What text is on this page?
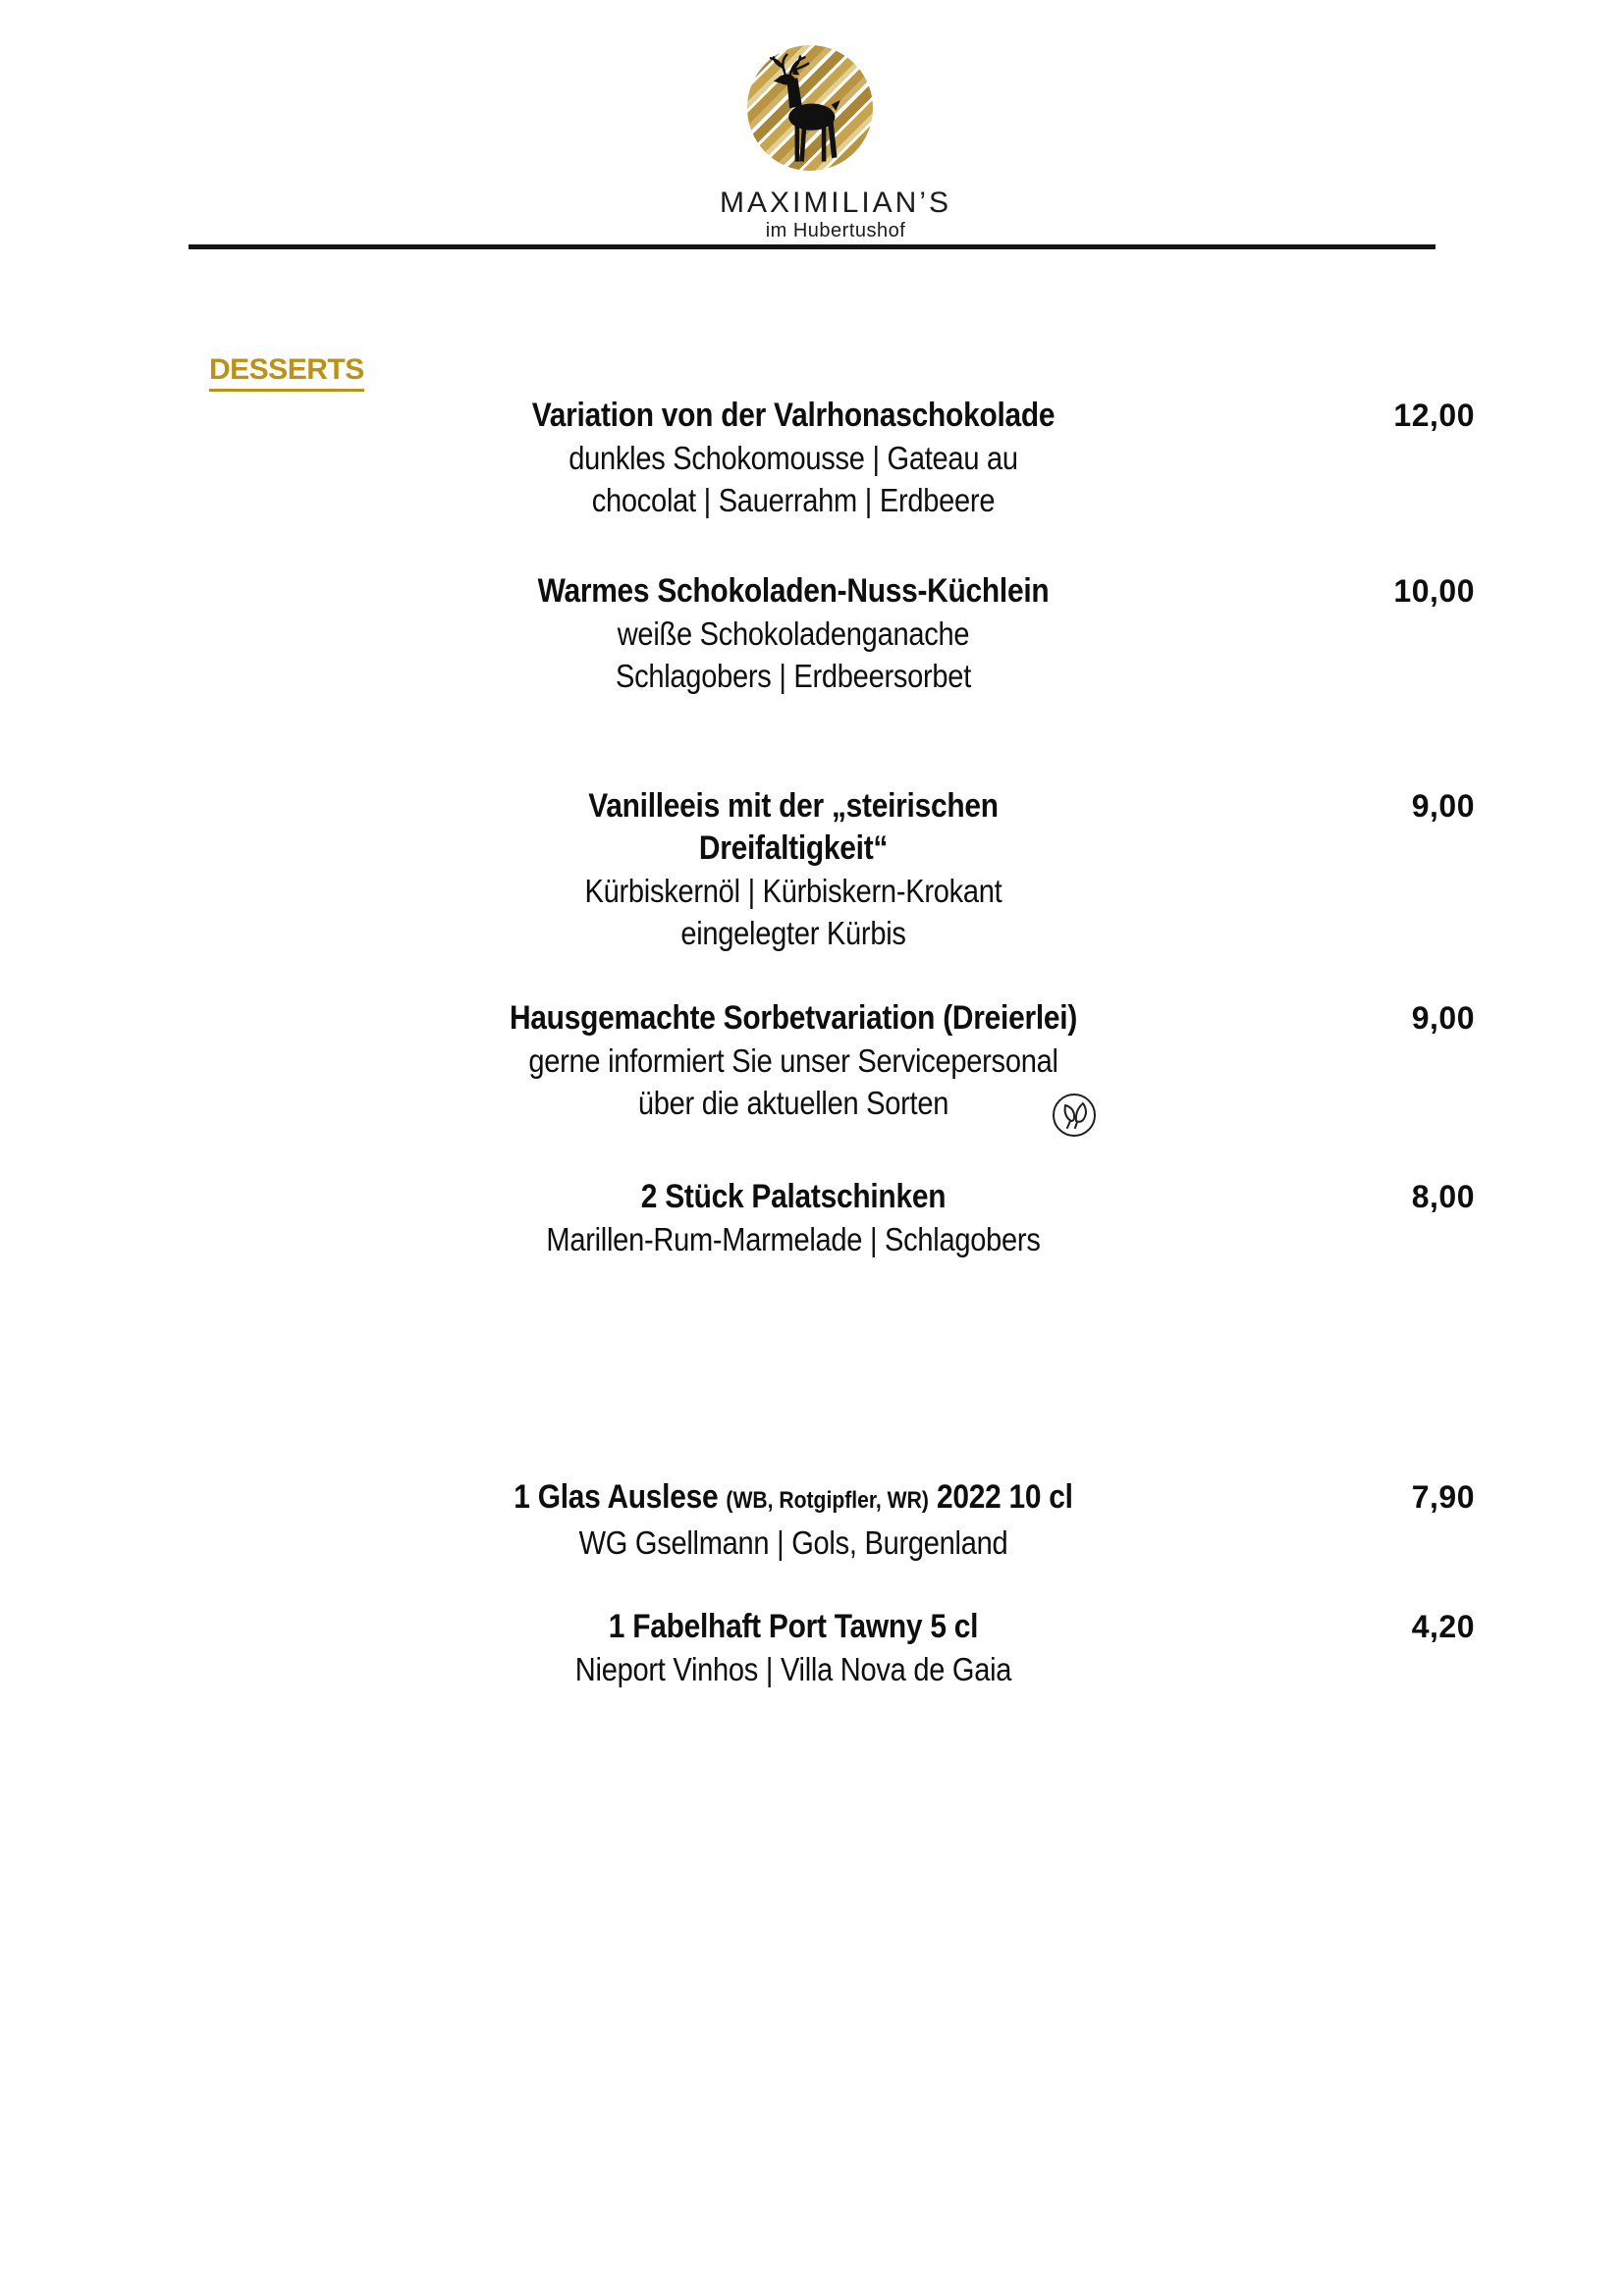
MAXIMILIAN’S
im Hubertushof
DESSERTS
Variation von der Valrhonaschokolade
dunkles Schokomousse | Gateau au
chocolat | Sauerrahm | Erdbeere
12,00
Warmes Schokoladen-Nuss-Küchlein
weiße Schokoladenganache
Schlagobers | Erdbeersorbet
10,00
Vanilleeis mit der „steirischen
Dreifaltigkeit“
Kürbiskernöl | Kürbiskern-Krokant
eingelegter Kürbis
9,00
Hausgemachte Sorbetvariation (Dreierlei)
gerne informiert Sie unser Servicepersonal
über die aktuellen Sorten
9,00
2 Stück Palatschinken
Marillen-Rum-Marmelade | Schlagobers
8,00
1 Glas Auslese (WB, Rotgipfler, WR) 2022 10 cl
WG Gsellmann | Gols, Burgenland
7,90
1 Fabelhaft Port Tawny 5 cl
Nieport Vinhos | Villa Nova de Gaia
4,20
